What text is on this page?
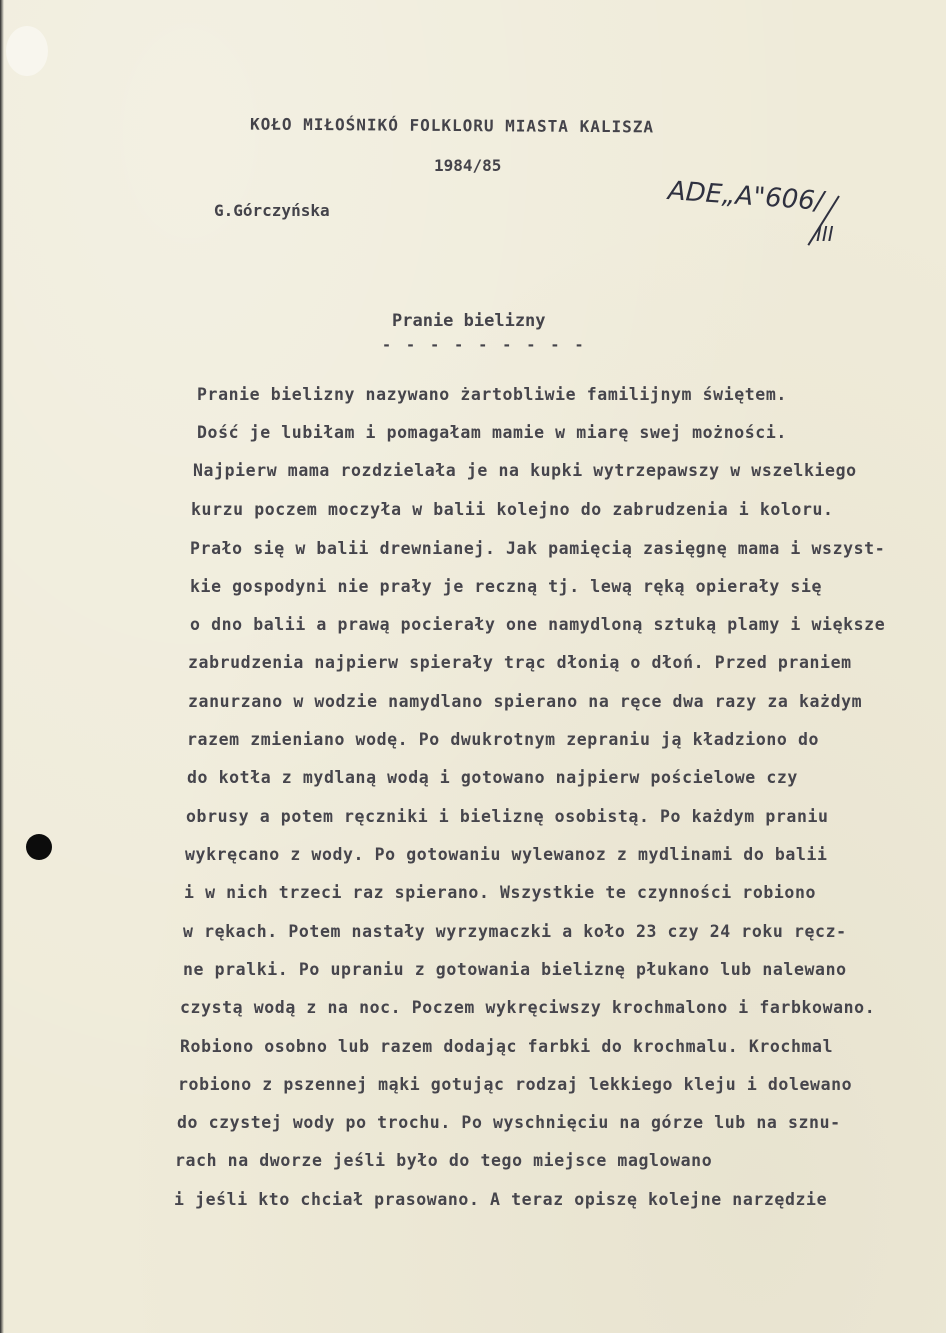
KOŁO MIŁOŚNIKÓ FOLKLORU MIASTA KALISZA
1984/85
G.Górczyńska	ADE„A"606/
III
Pranie bielizny
- - - - - - - - -
Pranie bielizny nazywano żartobliwie familijnym świętem.
Dość je lubiłam i pomagałam mamie w miarę swej możności.
Najpierw mama rozdzielała je na kupki wytrzepawszy w wszelkiego
kurzu poczem moczyła w balii kolejno do zabrudzenia i koloru.
Prało się w balii drewnianej. Jak pamięcią zasięgnę mama i wszyst-
kie gospodyni nie prały je reczną tj. lewą ręką opierały się
o dno balii a prawą pocierały one namydloną sztuką plamy i większe
zabrudzenia najpierw spierały trąc dłonią o dłoń. Przed praniem
zanurzano w wodzie namydlano spierano na ręce dwa razy za każdym
razem zmieniano wodę. Po dwukrotnym zepraniu ją kładziono do
do kotła z mydlaną wodą i gotowano najpierw pościelowe czy
obrusy a potem ręczniki i bieliznę osobistą. Po każdym praniu
wykręcano z wody. Po gotowaniu wylewanoz z mydlinami do balii
i w nich trzeci raz spierano. Wszystkie te czynności robiono
w rękach. Potem nastały wyrzymaczki a koło 23 czy 24 roku ręcz-
ne pralki. Po upraniu z gotowania bieliznę płukano lub nalewano
czystą wodą z na noc. Poczem wykręciwszy krochmalono i farbkowano.
Robiono osobno lub razem dodając farbki do krochmalu. Krochmal
robiono z pszennej mąki gotując rodzaj lekkiego kleju i dolewano
do czystej wody po trochu. Po wyschnięciu na górze lub na sznu-
rach na dworze jeśli było do tego miejsce maglowano
i jeśli kto chciał prasowano. A teraz opiszę kolejne narzędzie
